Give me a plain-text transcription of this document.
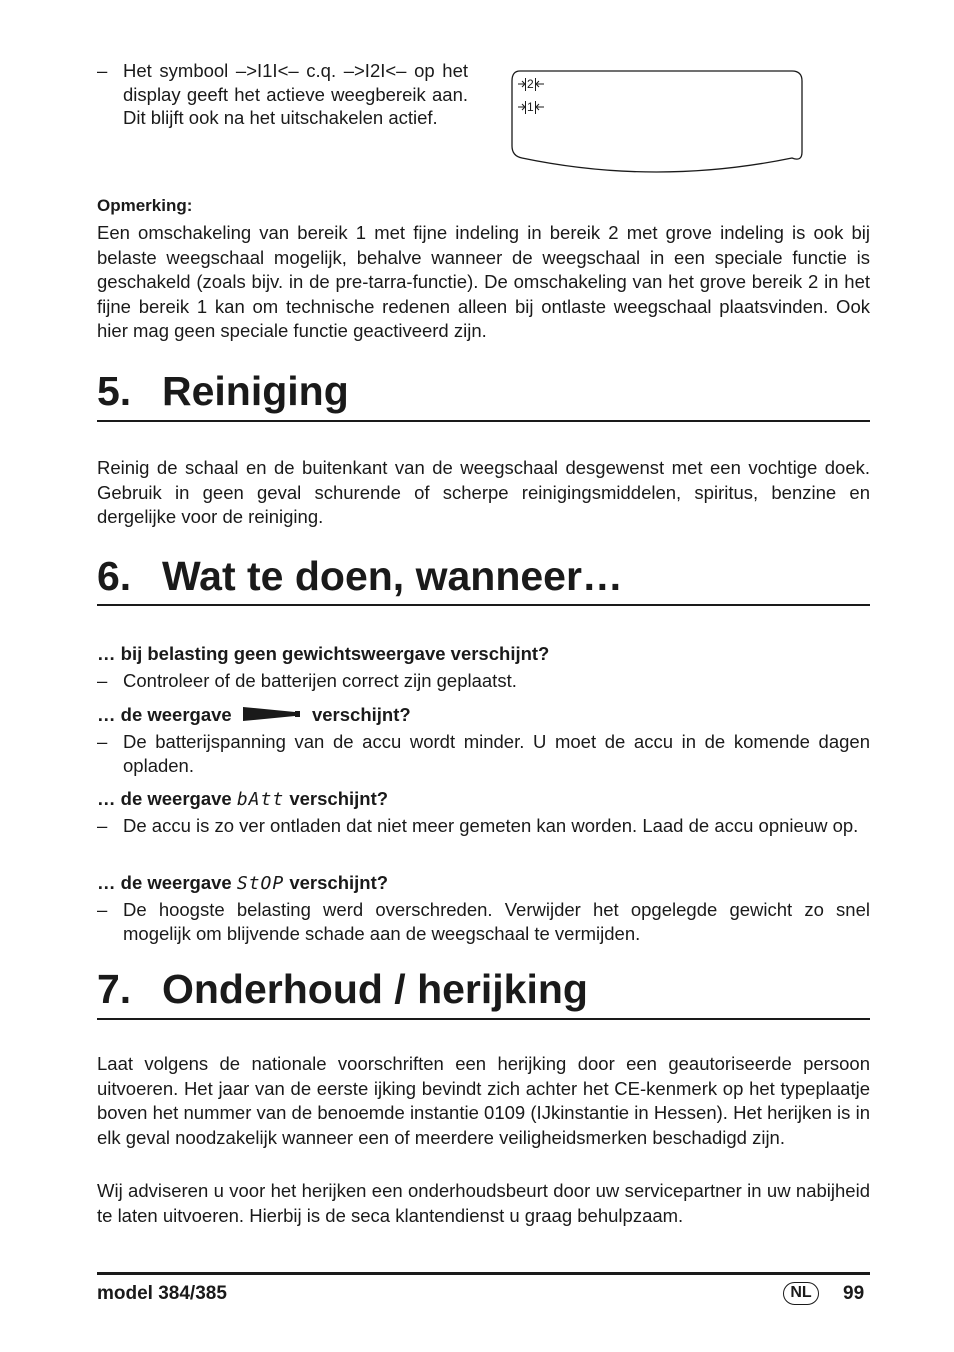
– Het symbool –>I1I<– c.q. –>I2I<– op het display geeft het actieve weegbereik aan. Dit blijft ook na het uitschakelen actief.
2
1
Opmerking:
Een omschakeling van bereik 1 met fijne indeling in bereik 2 met grove indeling is ook bij belaste weegschaal mogelijk, behalve wanneer de weegschaal in een speciale functie is geschakeld (zoals bijv. in de pre-tarra-functie). De omschakeling van het grove bereik 2 in het fijne bereik 1 kan om technische redenen alleen bij ontlaste weegschaal plaatsvinden. Ook hier mag geen speciale functie geactiveerd zijn.
5. Reiniging
Reinig de schaal en de buitenkant van de weegschaal desgewenst met een vochtige doek. Gebruik in geen geval schurende of scherpe reinigingsmiddelen, spiritus, benzine en dergelijke voor de reiniging.
6. Wat te doen, wanneer…
… bij belasting geen gewichtsweergave verschijnt?
– Controleer of de batterijen correct zijn geplaatst.
… de weergave	verschijnt?
– De batterijspanning van de accu wordt minder. U moet de accu in de komende dagen opladen.
… de weergave bAtt verschijnt?
– De accu is zo ver ontladen dat niet meer gemeten kan worden. Laad de accu opnieuw op.
… de weergave StOP verschijnt?
– De hoogste belasting werd overschreden. Verwijder het opgelegde gewicht zo snel mogelijk om blijvende schade aan de weegschaal te vermijden.
7. Onderhoud / herijking
Laat volgens de nationale voorschriften een herijking door een geautoriseerde persoon uitvoeren. Het jaar van de eerste ijking bevindt zich achter het CE-kenmerk op het typeplaatje boven het nummer van de benoemde instantie 0109 (IJkinstantie in Hessen). Het herijken is in elk geval noodzakelijk wanneer een of meerdere veiligheidsmerken beschadigd zijn.
Wij adviseren u voor het herijken een onderhoudsbeurt door uw servicepartner in uw nabijheid te laten uitvoeren. Hierbij is de seca klantendienst u graag behulpzaam.
model 384/385	NL	99
